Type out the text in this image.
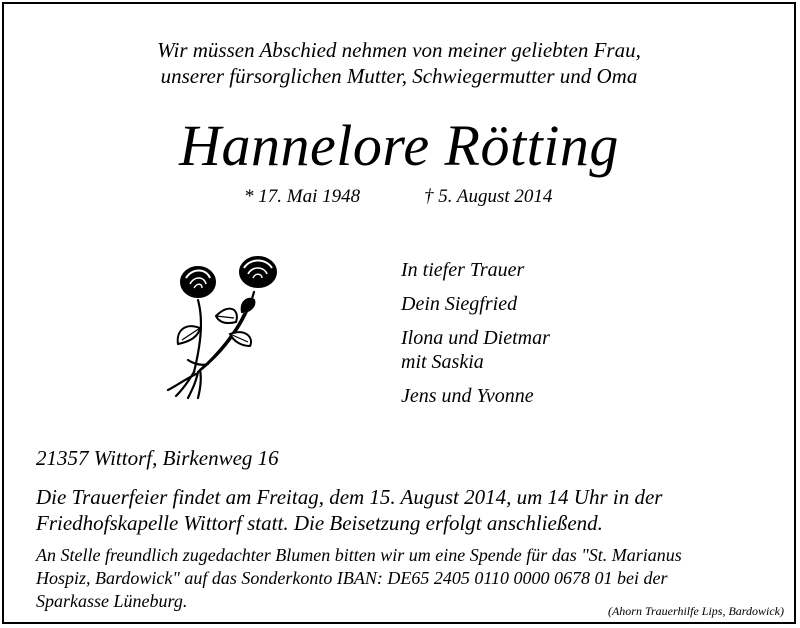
Wir müssen Abschied nehmen von meiner geliebten Frau,
unserer fürsorglichen Mutter, Schwiegermutter und Oma
Hannelore Rötting
* 17. Mai 1948	† 5. August 2014
In tiefer Trauer
Dein Siegfried
Ilona und Dietmar
mit Saskia
Jens und Yvonne
21357 Wittorf, Birkenweg 16
Die Trauerfeier findet am Freitag, dem 15. August 2014, um 14 Uhr in der
Friedhofskapelle Wittorf statt. Die Beisetzung erfolgt anschließend.
An Stelle freundlich zugedachter Blumen bitten wir um eine Spende für das "St. Marianus
Hospiz, Bardowick" auf das Sonderkonto IBAN: DE65 2405 0110 0000 0678 01 bei der
Sparkasse Lüneburg.	(Ahorn Trauerhilfe Lips, Bardowick)
